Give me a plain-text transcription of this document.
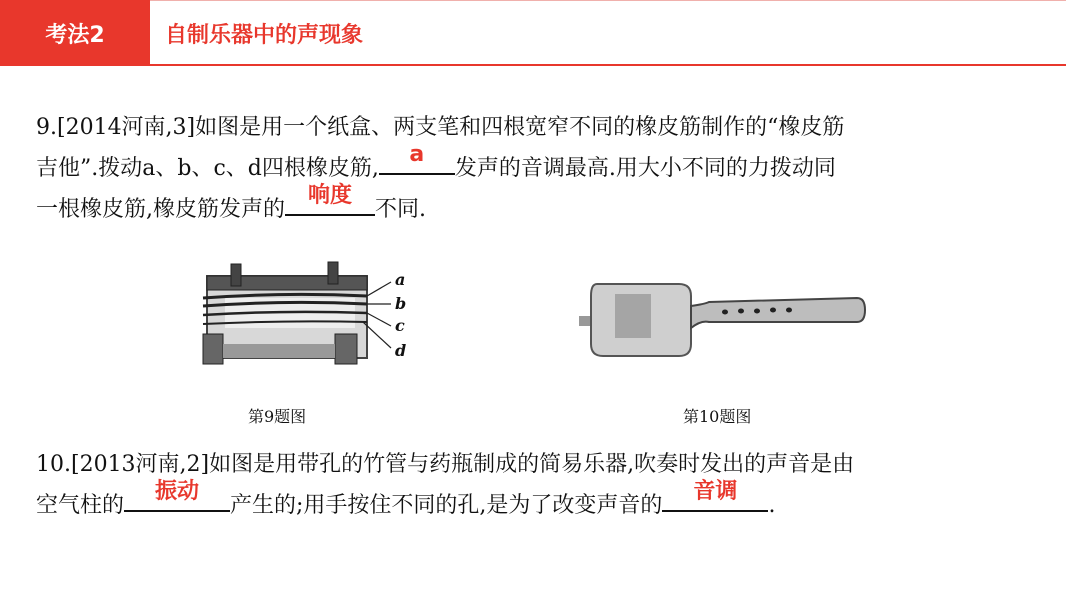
考法2	自制乐器中的声现象
9.[2014河南,3]如图是用一个纸盒、两支笔和四根宽窄不同的橡皮筋制作的“橡皮筋
吉他”.拨动a、b、c、d四根橡皮筋,
a
发声的音调最高.用大小不同的力拨动同
一根橡皮筋,橡皮筋发声的
响度
不同.
a
b
c
d
第9题图	第10题图
10.[2013河南,2]如图是用带孔的竹管与药瓶制成的简易乐器,吹奏时发出的声音是由
空气柱的
振动
产生的;用手按住不同的孔,是为了改变声音的
音调
.
